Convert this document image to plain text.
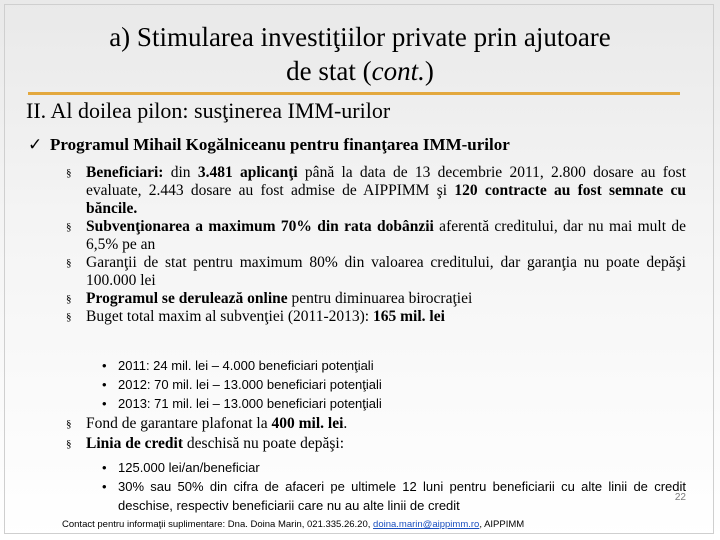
a) Stimularea investiţiilor private prin ajutoare
de stat (cont.)
II. Al doilea pilon: susţinerea IMM-urilor
✓ Programul Mihail Kogălniceanu pentru finanţarea IMM-urilor
§ Beneficiari: din 3.481 aplicanţi până la data de 13 decembrie 2011, 2.800 dosare au fost evaluate, 2.443 dosare au fost admise de AIPPIMM şi 120 contracte au fost semnate cu băncile.
§ Subvenţionarea a maximum 70% din rata dobânzii aferentă creditului, dar nu mai mult de 6,5% pe an
§ Garanţii de stat pentru maximum 80% din valoarea creditului, dar garanţia nu poate depăşi 100.000 lei
§ Programul se derulează online pentru diminuarea birocraţiei
§ Buget total maxim al subvenţiei (2011-2013): 165 mil. lei
• 2011: 24 mil. lei – 4.000 beneficiari potenţiali
• 2012: 70 mil. lei – 13.000 beneficiari potenţiali
• 2013: 71 mil. lei – 13.000 beneficiari potenţiali
§ Fond de garantare plafonat la 400 mil. lei.
§ Linia de credit deschisă nu poate depăşi:
• 125.000 lei/an/beneficiar
• 30% sau 50% din cifra de afaceri pe ultimele 12 luni pentru beneficiarii cu alte linii de credit deschise, respectiv beneficiarii care nu au alte linii de credit
22
Contact pentru informaţii suplimentare: Dna. Doina Marin, 021.335.26.20, doina.marin@aippimm.ro, AIPPIMM
